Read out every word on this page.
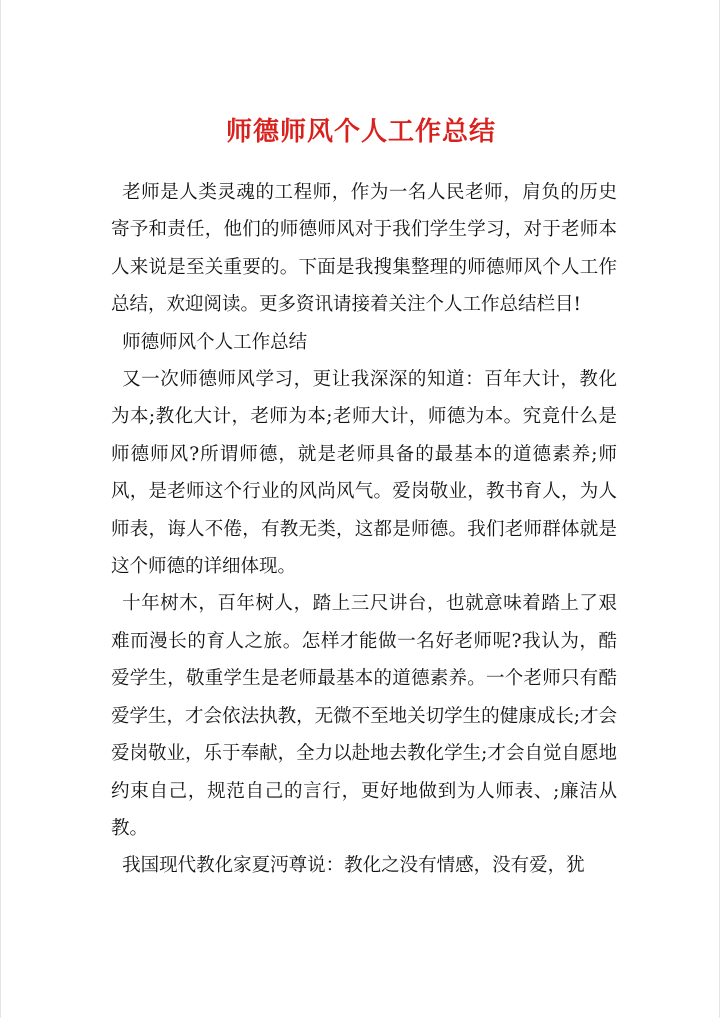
师德师风个人工作总结

老师是人类灵魂的工程师，作为一名人民老师，肩负的历史寄予和责任，他们的师德师风对于我们学生学习，对于老师本人来说是至关重要的。下面是我搜集整理的师德师风个人工作总结，欢迎阅读。更多资讯请接着关注个人工作总结栏目!

师德师风个人工作总结

又一次师德师风学习，更让我深深的知道：百年大计，教化为本;教化大计，老师为本;老师大计，师德为本。究竟什么是师德师风?所谓师德，就是老师具备的最基本的道德素养;师风，是老师这个行业的风尚风气。爱岗敬业，教书育人，为人师表，诲人不倦，有教无类，这都是师德。我们老师群体就是这个师德的详细体现。

十年树木，百年树人，踏上三尺讲台，也就意味着踏上了艰难而漫长的育人之旅。怎样才能做一名好老师呢?我认为，酷爱学生，敬重学生是老师最基本的道德素养。一个老师只有酷爱学生，才会依法执教，无微不至地关切学生的健康成长;才会爱岗敬业，乐于奉献，全力以赴地去教化学生;才会自觉自愿地约束自己，规范自己的言行，更好地做到为人师表、;廉洁从教。

我国现代教化家夏沔尊说：教化之没有情感，没有爱，犹
